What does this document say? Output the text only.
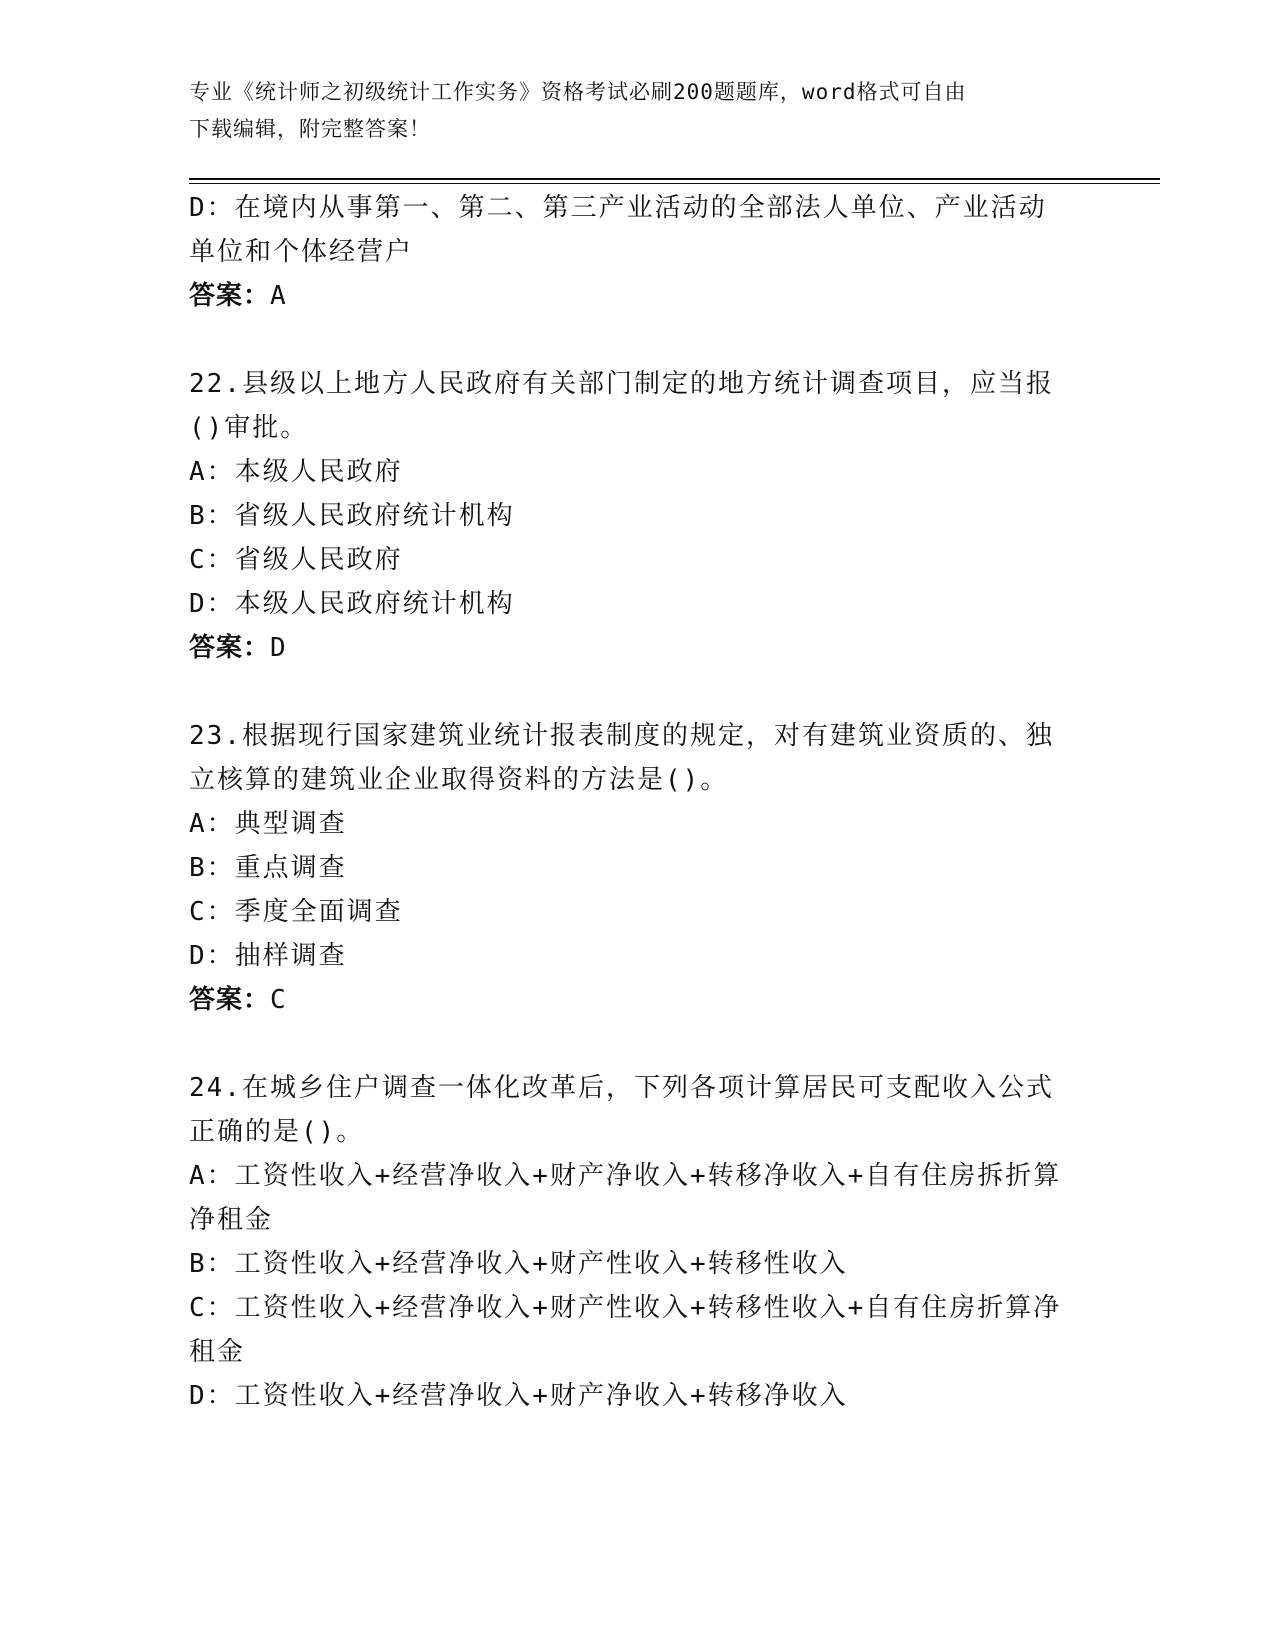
专业《统计师之初级统计工作实务》资格考试必刷200题题库，word格式可自由
下载编辑，附完整答案！
D：在境内从事第一、第二、第三产业活动的全部法人单位、产业活动
单位和个体经营户
答案：A
22.县级以上地方人民政府有关部门制定的地方统计调查项目，应当报
()审批。
A：本级人民政府
B：省级人民政府统计机构
C：省级人民政府
D：本级人民政府统计机构
答案：D
23.根据现行国家建筑业统计报表制度的规定，对有建筑业资质的、独
立核算的建筑业企业取得资料的方法是()。
A：典型调查
B：重点调查
C：季度全面调查
D：抽样调查
答案：C
24.在城乡住户调查一体化改革后，下列各项计算居民可支配收入公式
正确的是()。
A：工资性收入+经营净收入+财产净收入+转移净收入+自有住房拆折算
净租金
B：工资性收入+经营净收入+财产性收入+转移性收入
C：工资性收入+经营净收入+财产性收入+转移性收入+自有住房折算净
租金
D：工资性收入+经营净收入+财产净收入+转移净收入
